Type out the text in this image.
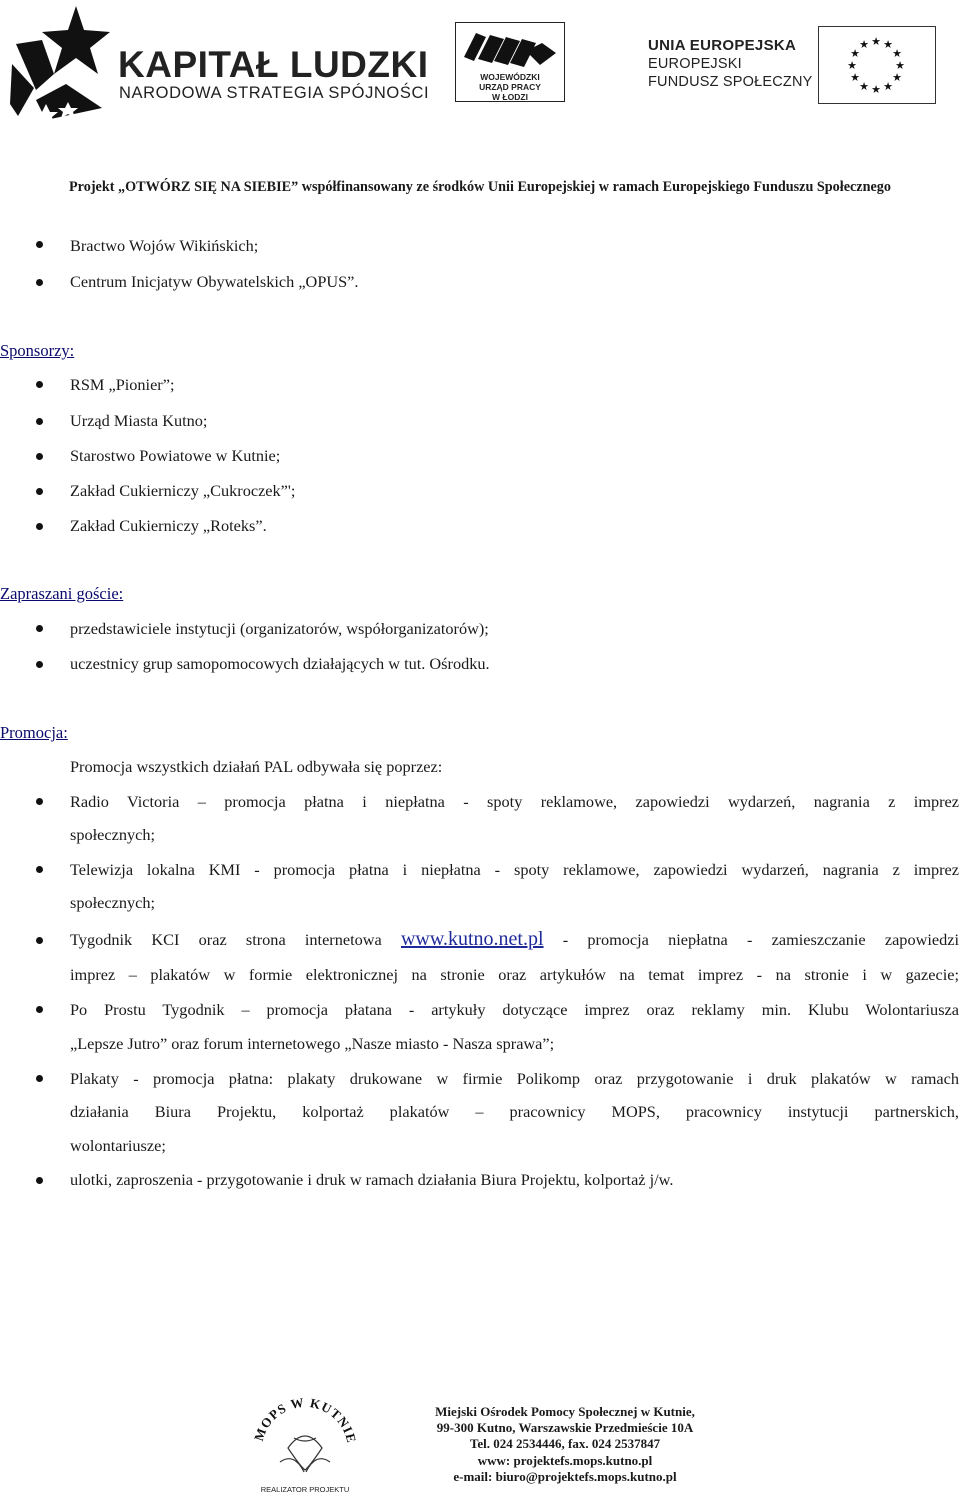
KAPITAŁ LUDZKI
NARODOWA STRATEGIA SPÓJNOŚCI
WOJEWÓDZKI
URZĄD PRACY
W ŁODZI
UNIA EUROPEJSKA
EUROPEJSKI
FUNDUSZ SPOŁECZNY
★ ★
★
★
★
★
★
★
★
★
★
★
Projekt „OTWÓRZ SIĘ NA SIEBIE” współfinansowany ze środków Unii Europejskiej w ramach Europejskiego Funduszu Społecznego
Bractwo Wojów Wikińskich;
Centrum Inicjatyw Obywatelskich „OPUS”.
Sponsorzy:
RSM „Pionier”;
Urząd Miasta Kutno;
Starostwo Powiatowe w Kutnie;
Zakład Cukierniczy „Cukroczek”';
Zakład Cukierniczy „Roteks”.
Zapraszani goście:
przedstawiciele instytucji (organizatorów, współorganizatorów);
uczestnicy grup samopomocowych działających w tut. Ośrodku.
Promocja:
Promocja wszystkich działań PAL odbywała się poprzez:
Radio Victoria – promocja płatna i niepłatna - spoty reklamowe, zapowiedzi wydarzeń, nagrania z imprez
społecznych;
Telewizja lokalna KMI - promocja płatna i niepłatna - spoty reklamowe, zapowiedzi wydarzeń, nagrania z imprez
społecznych;
Tygodnik KCI oraz strona internetowa www.kutno.net.pl - promocja niepłatna - zamieszczanie zapowiedzi
imprez – plakatów w formie elektronicznej na stronie oraz artykułów na temat imprez - na stronie i w gazecie;
Po Prostu Tygodnik – promocja płatana - artykuły dotyczące imprez oraz reklamy min. Klubu Wolontariusza
„Lepsze Jutro” oraz forum internetowego „Nasze miasto - Nasza sprawa”;
Plakaty - promocja płatna: plakaty drukowane w firmie Polikomp oraz przygotowanie i druk plakatów w ramach
działania Biura Projektu, kolportaż plakatów – pracownicy MOPS, pracownicy instytucji partnerskich,
wolontariusze;
ulotki, zaproszenia - przygotowanie i druk w ramach działania Biura Projektu, kolportaż j/w.
MOPS W KUTNIE
REALIZATOR PROJEKTU
Miejski Ośrodek Pomocy Społecznej w Kutnie,
99-300 Kutno, Warszawskie Przedmieście 10A
Tel. 024 2534446, fax. 024 2537847
www: projektefs.mops.kutno.pl
e-mail: biuro@projektefs.mops.kutno.pl
